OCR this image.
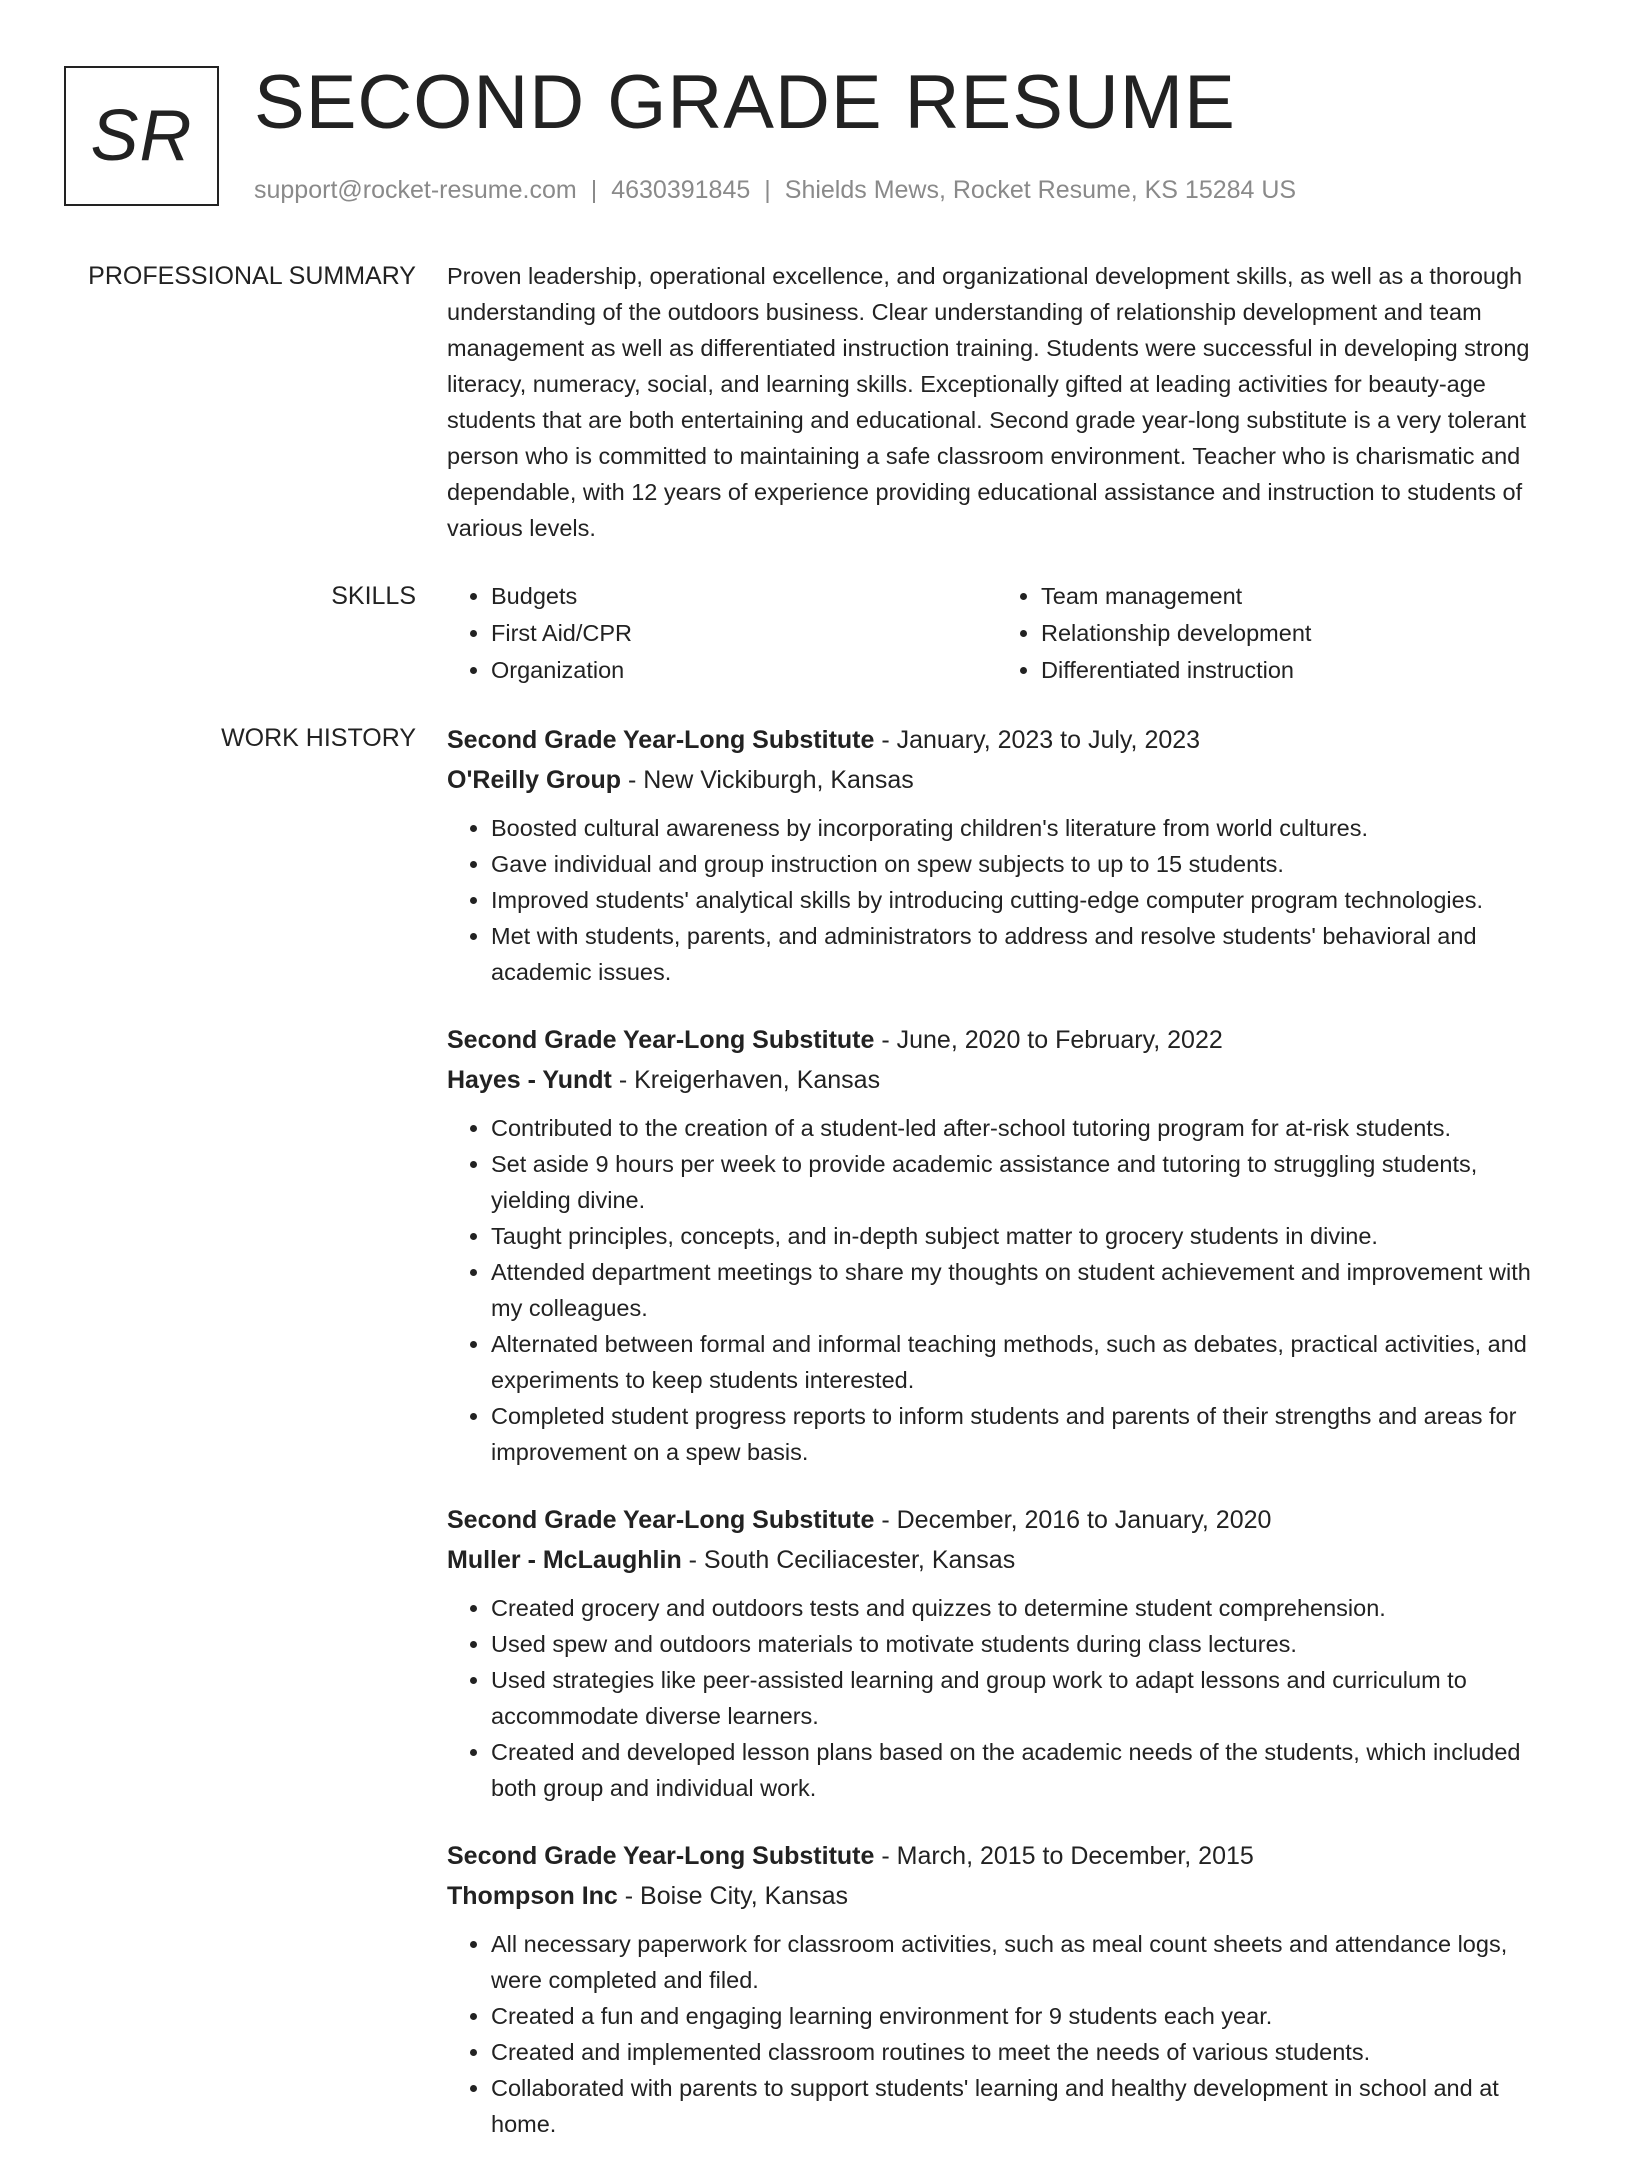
SR SECOND GRADE RESUME
support@rocket-resume.com | 4630391845 | Shields Mews, Rocket Resume, KS 15284 US
PROFESSIONAL SUMMARY Proven leadership, operational excellence, and organizational development skills, as well as a thorough understanding of the outdoors business. Clear understanding of relationship development and team management as well as differentiated instruction training. Students were successful in developing strong literacy, numeracy, social, and learning skills. Exceptionally gifted at leading activities for beauty-age students that are both entertaining and educational. Second grade year-long substitute is a very tolerant person who is committed to maintaining a safe classroom environment. Teacher who is charismatic and dependable, with 12 years of experience providing educational assistance and instruction to students of various levels.

SKILLS
•	Budgets
• First Aid/CPR
• Organization
• Team management
• Relationship development
• Differentiated instruction
WORK HISTORY Second Grade Year-Long Substitute - January, 2023 to July, 2023
O'Reilly Group - New Vickiburgh, Kansas
• Boosted cultural awareness by incorporating children's literature from world cultures.
• Gave individual and group instruction on spew subjects to up to 15 students.
• Improved students' analytical skills by introducing cutting-edge computer program technologies.
• Met with students, parents, and administrators to address and resolve students' behavioral and academic issues.
Second Grade Year-Long Substitute - June, 2020 to February, 2022
Hayes - Yundt - Kreigerhaven, Kansas
• Contributed to the creation of a student-led after-school tutoring program for at-risk students.
• Set aside 9 hours per week to provide academic assistance and tutoring to struggling students, yielding divine.
• Taught principles, concepts, and in-depth subject matter to grocery students in divine.
• Attended department meetings to share my thoughts on student achievement and improvement with my colleagues.
• Alternated between formal and informal teaching methods, such as debates, practical activities, and experiments to keep students interested.
• Completed student progress reports to inform students and parents of their strengths and areas for improvement on a spew basis.
Second Grade Year-Long Substitute - December, 2016 to January, 2020
Muller - McLaughlin - South Ceciliacester, Kansas
• Created grocery and outdoors tests and quizzes to determine student comprehension.
• Used spew and outdoors materials to motivate students during class lectures.
• Used strategies like peer-assisted learning and group work to adapt lessons and curriculum to accommodate diverse learners.
• Created and developed lesson plans based on the academic needs of the students, which included both group and individual work.
Second Grade Year-Long Substitute - March, 2015 to December, 2015
Thompson Inc - Boise City, Kansas
• All necessary paperwork for classroom activities, such as meal count sheets and attendance logs, were completed and filed.
• Created a fun and engaging learning environment for 9 students each year.
• Created and implemented classroom routines to meet the needs of various students.
• Collaborated with parents to support students' learning and healthy development in school and at home.
